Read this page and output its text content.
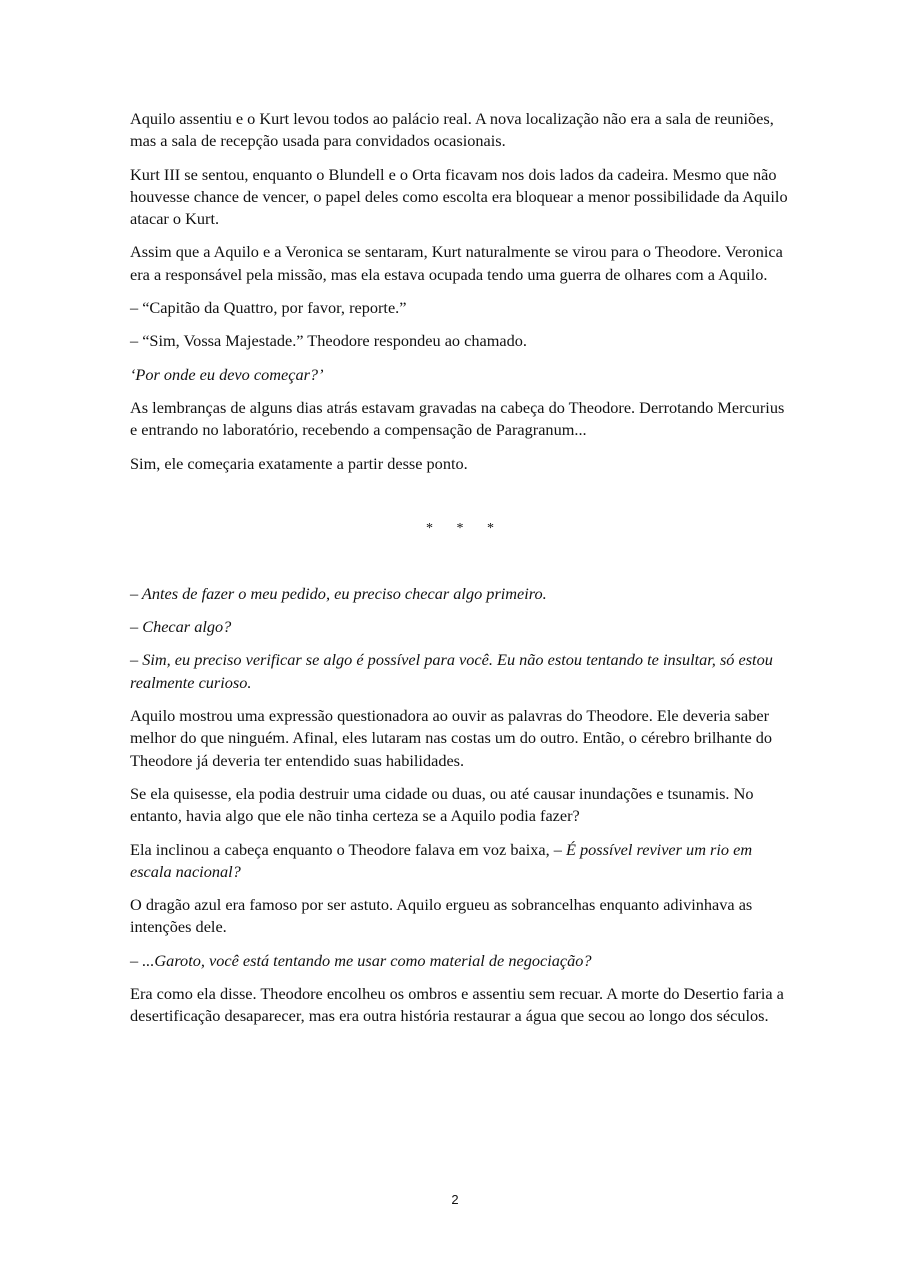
Aquilo assentiu e o Kurt levou todos ao palácio real. A nova localização não era a sala de reuniões, mas a sala de recepção usada para convidados ocasionais.

Kurt III se sentou, enquanto o Blundell e o Orta ficavam nos dois lados da cadeira. Mesmo que não houvesse chance de vencer, o papel deles como escolta era bloquear a menor possibilidade da Aquilo atacar o Kurt.

Assim que a Aquilo e a Veronica se sentaram, Kurt naturalmente se virou para o Theodore. Veronica era a responsável pela missão, mas ela estava ocupada tendo uma guerra de olhares com a Aquilo.

– “Capitão da Quattro, por favor, reporte.”

– “Sim, Vossa Majestade.” Theodore respondeu ao chamado.

‘Por onde eu devo começar?’

As lembranças de alguns dias atrás estavam gravadas na cabeça do Theodore. Derrotando Mercurius e entrando no laboratório, recebendo a compensação de Paragranum...

Sim, ele começaria exatamente a partir desse ponto.

* * *

– Antes de fazer o meu pedido, eu preciso checar algo primeiro.

– Checar algo?

– Sim, eu preciso verificar se algo é possível para você. Eu não estou tentando te insultar, só estou realmente curioso.

Aquilo mostrou uma expressão questionadora ao ouvir as palavras do Theodore. Ele deveria saber melhor do que ninguém. Afinal, eles lutaram nas costas um do outro. Então, o cérebro brilhante do Theodore já deveria ter entendido suas habilidades.

Se ela quisesse, ela podia destruir uma cidade ou duas, ou até causar inundações e tsunamis. No entanto, havia algo que ele não tinha certeza se a Aquilo podia fazer?

Ela inclinou a cabeça enquanto o Theodore falava em voz baixa, – É possível reviver um rio em escala nacional?

O dragão azul era famoso por ser astuto. Aquilo ergueu as sobrancelhas enquanto adivinhava as intenções dele.

– ...Garoto, você está tentando me usar como material de negociação?

Era como ela disse. Theodore encolheu os ombros e assentiu sem recuar. A morte do Desertio faria a desertificação desaparecer, mas era outra história restaurar a água que secou ao longo dos séculos.

2
